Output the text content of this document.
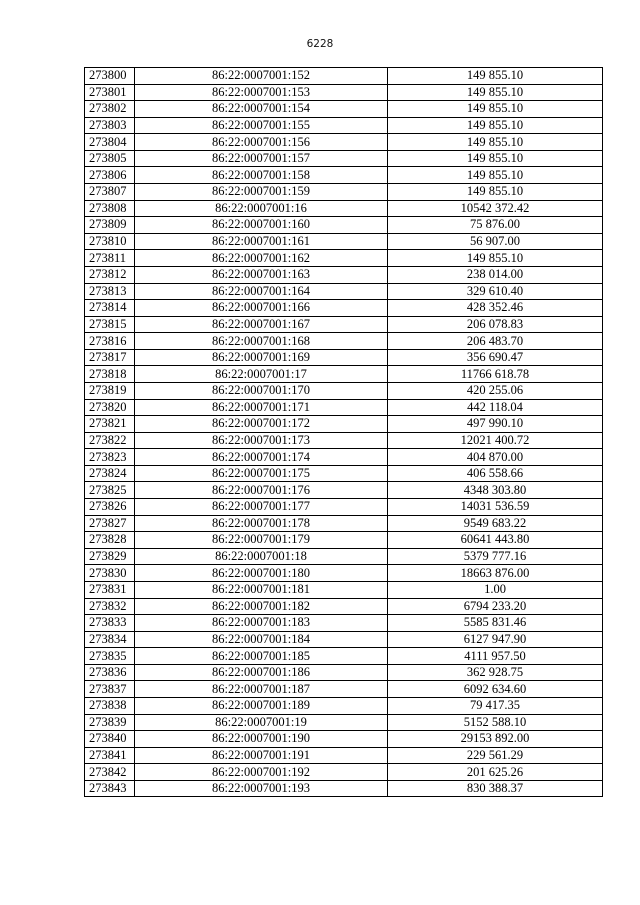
6228
273800	86:22:0007001:152	149 855.10
273801	86:22:0007001:153	149 855.10
273802	86:22:0007001:154	149 855.10
273803	86:22:0007001:155	149 855.10
273804	86:22:0007001:156	149 855.10
273805	86:22:0007001:157	149 855.10
273806	86:22:0007001:158	149 855.10
273807	86:22:0007001:159	149 855.10
273808	86:22:0007001:16	10542 372.42
273809	86:22:0007001:160	75 876.00
273810	86:22:0007001:161	56 907.00
273811	86:22:0007001:162	149 855.10
273812	86:22:0007001:163	238 014.00
273813	86:22:0007001:164	329 610.40
273814	86:22:0007001:166	428 352.46
273815	86:22:0007001:167	206 078.83
273816	86:22:0007001:168	206 483.70
273817	86:22:0007001:169	356 690.47
273818	86:22:0007001:17	11766 618.78
273819	86:22:0007001:170	420 255.06
273820	86:22:0007001:171	442 118.04
273821	86:22:0007001:172	497 990.10
273822	86:22:0007001:173	12021 400.72
273823	86:22:0007001:174	404 870.00
273824	86:22:0007001:175	406 558.66
273825	86:22:0007001:176	4348 303.80
273826	86:22:0007001:177	14031 536.59
273827	86:22:0007001:178	9549 683.22
273828	86:22:0007001:179	60641 443.80
273829	86:22:0007001:18	5379 777.16
273830	86:22:0007001:180	18663 876.00
273831	86:22:0007001:181	1.00
273832	86:22:0007001:182	6794 233.20
273833	86:22:0007001:183	5585 831.46
273834	86:22:0007001:184	6127 947.90
273835	86:22:0007001:185	4111 957.50
273836	86:22:0007001:186	362 928.75
273837	86:22:0007001:187	6092 634.60
273838	86:22:0007001:189	79 417.35
273839	86:22:0007001:19	5152 588.10
273840	86:22:0007001:190	29153 892.00
273841	86:22:0007001:191	229 561.29
273842	86:22:0007001:192	201 625.26
273843	86:22:0007001:193	830 388.37
